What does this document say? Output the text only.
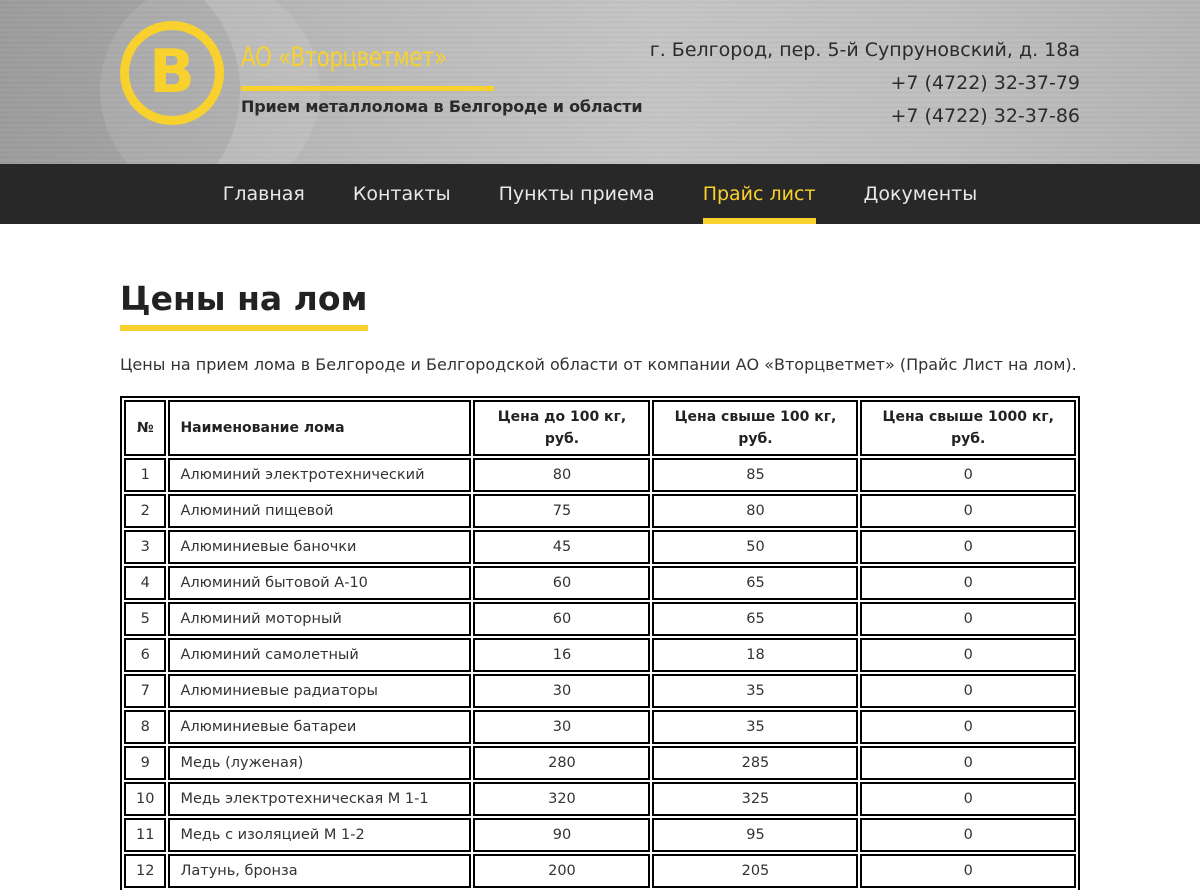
B АО «Вторцветмет»
Прием металлолома в Белгороде и области
г. Белгород, пер. 5-й Супруновский, д. 18а
+7 (4722) 32-37-79
+7 (4722) 32-37-86
Главная	Контакты	Пункты приема	Прайс лист	Документы
Цены на лом

Цены на прием лома в Белгороде и Белгородской области от компании АО «Вторцветмет» (Прайс Лист на лом).

№	Наименование лома	Цена до 100 кг, руб.	Цена свыше 100 кг, руб.	Цена свыше 1000 кг, руб.
1	Алюминий электротехнический	80	85	0
2	Алюминий пищевой	75	80	0
3	Алюминиевые баночки	45	50	0
4	Алюминий бытовой А-10	60	65	0
5	Алюминий моторный	60	65	0
6	Алюминий самолетный	16	18	0
7	Алюминиевые радиаторы	30	35	0
8	Алюминиевые батареи	30	35	0
9	Медь (луженая)	280	285	0
10	Медь электротехническая М 1-1	320	325	0
11	Медь с изоляцией М 1-2	90	95	0
12	Латунь, бронза	200	205	0
